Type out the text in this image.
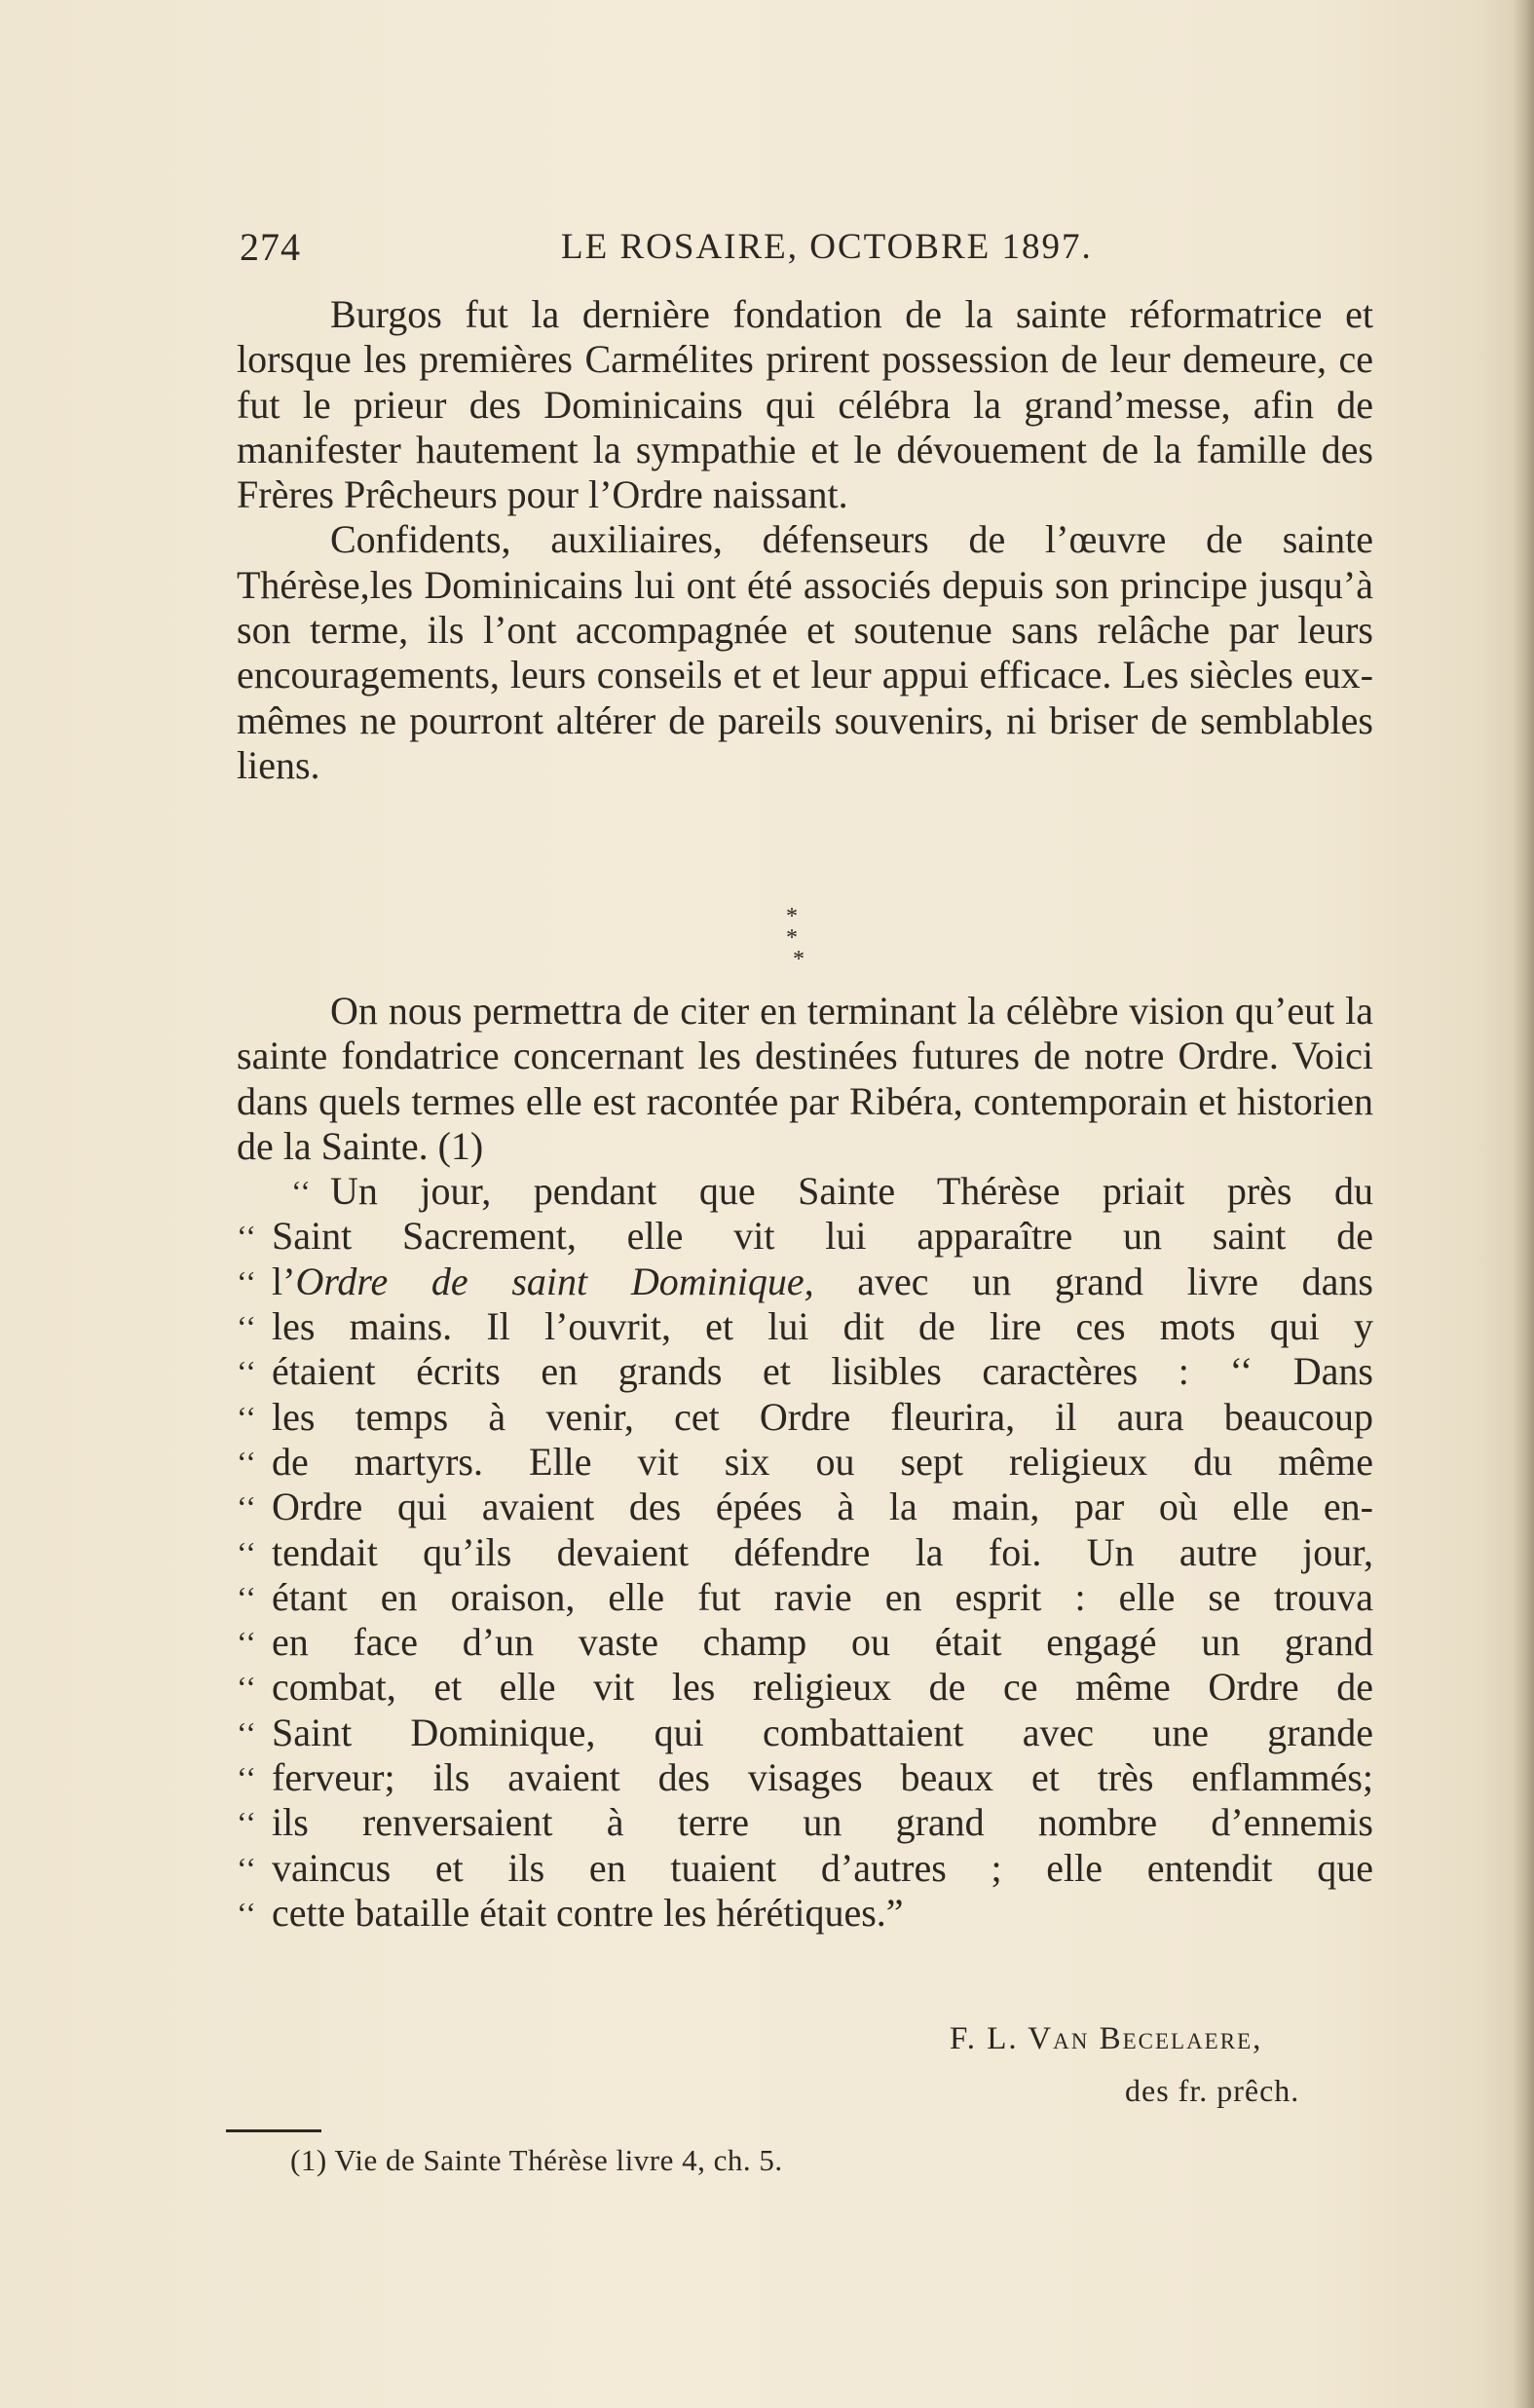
274	LE ROSAIRE, OCTOBRE 1897.

Burgos fut la dernière fondation de la sainte réformatrice et lorsque les premières Carmélites prirent possession de leur demeure, ce fut le prieur des Dominicains qui célébra la grand’messe, afin de manifester hautement la sympathie et le dévouement de la famille des Frères Prêcheurs pour l’Ordre naissant.

Confidents, auxiliaires, défenseurs de l’œuvre de sainte Thérèse,les Dominicains lui ont été associés depuis son principe jusqu’à son terme, ils l’ont accompagnée et soutenue sans relâche par leurs encouragements, leurs conseils et et leur appui efficace. Les siècles eux-mêmes ne pourront altérer de pareils souvenirs, ni briser de semblables liens.

* *
*

On nous permettra de citer en terminant la célèbre vision qu’eut la sainte fondatrice concernant les destinées futures de notre Ordre. Voici dans quels termes elle est racontée par Ribéra, contemporain et historien de la Sainte. (1)

‘‘ Un jour, pendant que Sainte Thérèse priait près du
‘‘ Saint Sacrement, elle vit lui apparaître un saint de
‘‘ l’Ordre de saint Dominique, avec un grand livre dans
‘‘ les mains. Il l’ouvrit, et lui dit de lire ces mots qui y
‘‘ étaient écrits en grands et lisibles caractères : ‘‘ Dans
‘‘ les temps à venir, cet Ordre fleurira, il aura beaucoup
‘‘ de martyrs. Elle vit six ou sept religieux du même
‘‘ Ordre qui avaient des épées à la main, par où elle en-
‘‘ tendait qu’ils devaient défendre la foi. Un autre jour,
‘‘ étant en oraison, elle fut ravie en esprit : elle se trouva
‘‘ en face d’un vaste champ ou était engagé un grand
‘‘ combat, et elle vit les religieux de ce même Ordre de
‘‘ Saint Dominique, qui combattaient avec une grande
‘‘ ferveur; ils avaient des visages beaux et très enflammés;
‘‘ ils renversaient à terre un grand nombre d’ennemis
‘‘ vaincus et ils en tuaient d’autres ; elle entendit que
‘‘ cette bataille était contre les hérétiques.”
F. L. Van Becelaere,
des fr. prêch.
(1) Vie de Sainte Thérèse livre 4, ch. 5.
